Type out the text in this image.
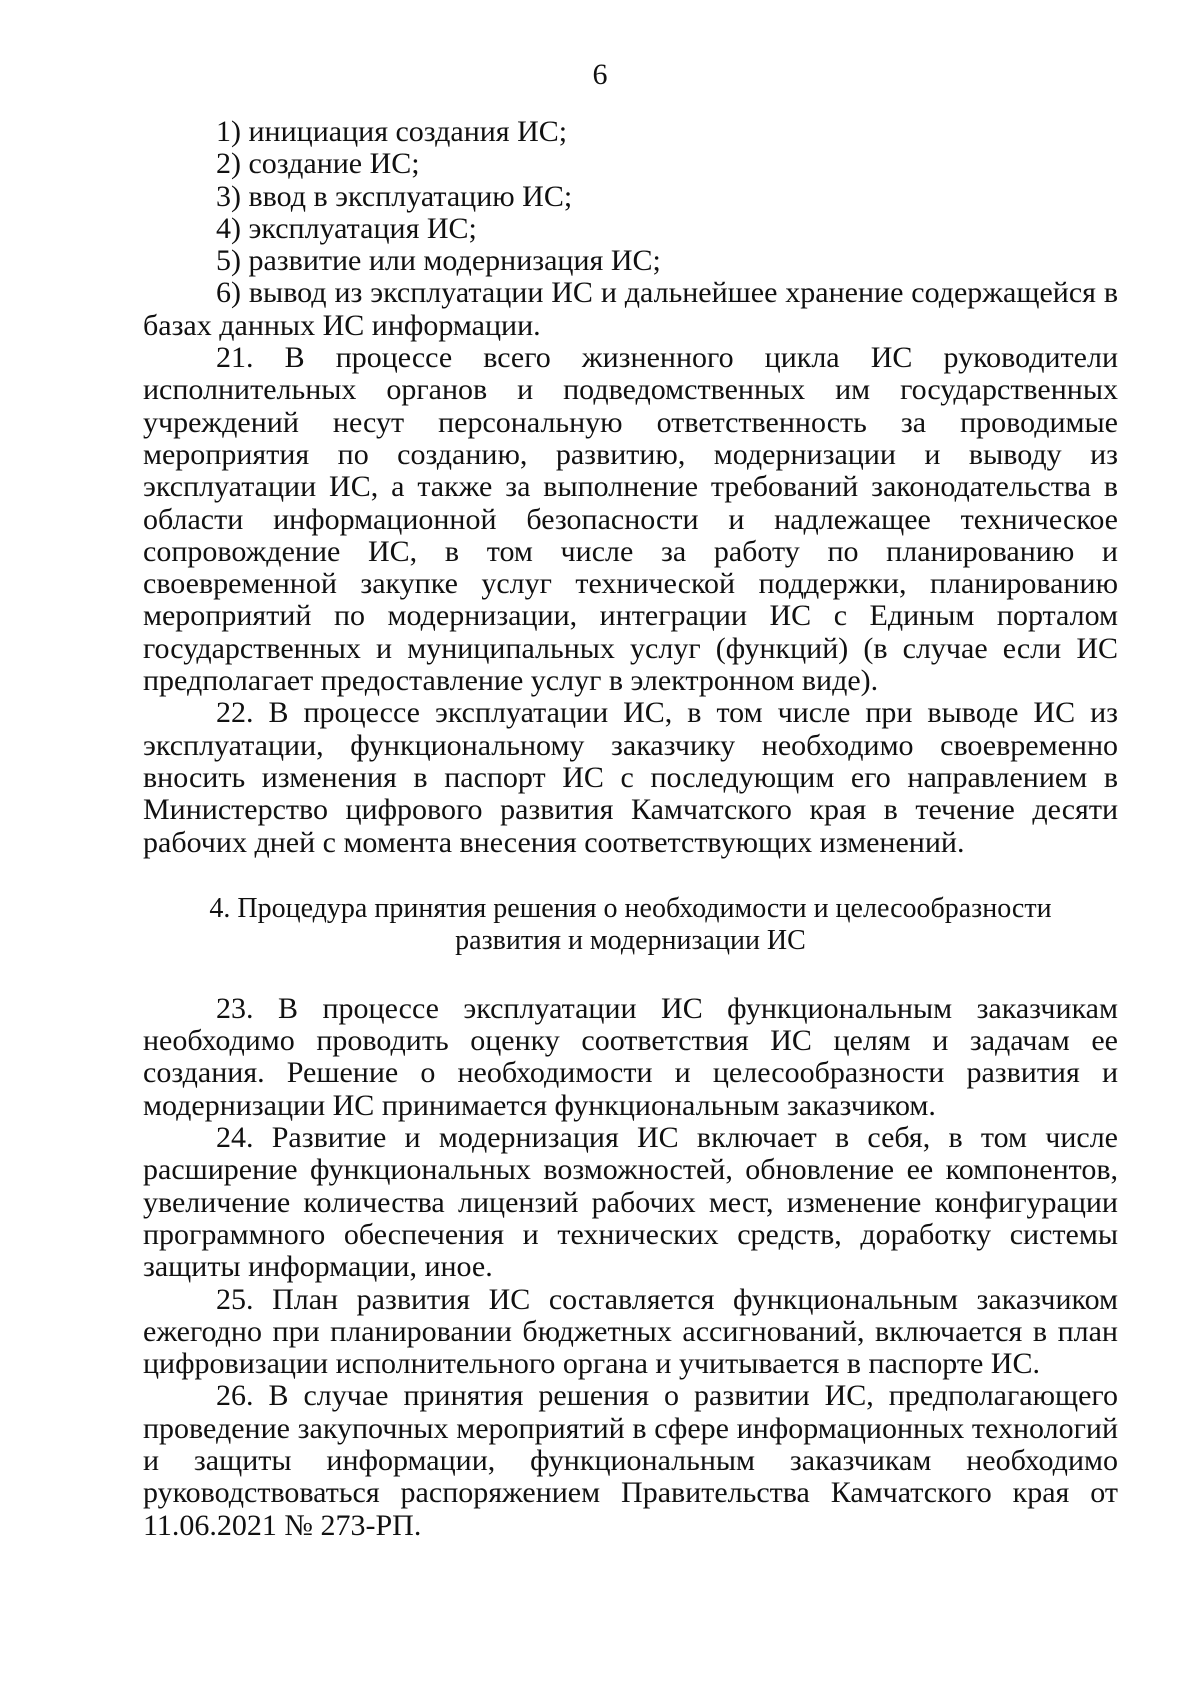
6

1) инициация создания ИС;

2) создание ИС;

3) ввод в эксплуатацию ИС;

4) эксплуатация ИС;

5) развитие или модернизация ИС;

6) вывод из эксплуатации ИС и дальнейшее хранение содержащейся в базах данных ИС информации.

21. В процессе всего жизненного цикла ИС руководители исполнительных органов и подведомственных им государственных учреждений несут персональную ответственность за проводимые мероприятия по созданию, развитию, модернизации и выводу из эксплуатации ИС, а также за выполнение требований законодательства в области информационной безопасности и надлежащее техническое сопровождение ИС, в том числе за работу по планированию и своевременной закупке услуг технической поддержки, планированию мероприятий по модернизации, интеграции ИС с Единым порталом государственных и муниципальных услуг (функций) (в случае если ИС предполагает предоставление услуг в электронном виде).

22. В процессе эксплуатации ИС, в том числе при выводе ИС из эксплуатации, функциональному заказчику необходимо своевременно вносить изменения в паспорт ИС с последующим его направлением в Министерство цифрового развития Камчатского края в течение десяти рабочих дней с момента внесения соответствующих изменений.

4. Процедура принятия решения о необходимости и целесообразности
развития и модернизации ИС

23. В процессе эксплуатации ИС функциональным заказчикам необходимо проводить оценку соответствия ИС целям и задачам ее создания. Решение о необходимости и целесообразности развития и модернизации ИС принимается функциональным заказчиком.

24. Развитие и модернизация ИС включает в себя, в том числе расширение функциональных возможностей, обновление ее компонентов, увеличение количества лицензий рабочих мест, изменение конфигурации программного обеспечения и технических средств, доработку системы защиты информации, иное.

25. План развития ИС составляется функциональным заказчиком ежегодно при планировании бюджетных ассигнований, включается в план цифровизации исполнительного органа и учитывается в паспорте ИС.

26. В случае принятия решения о развитии ИС, предполагающего проведение закупочных мероприятий в сфере информационных технологий и защиты информации, функциональным заказчикам необходимо руководствоваться распоряжением Правительства Камчатского края от 11.06.2021 № 273-РП.
